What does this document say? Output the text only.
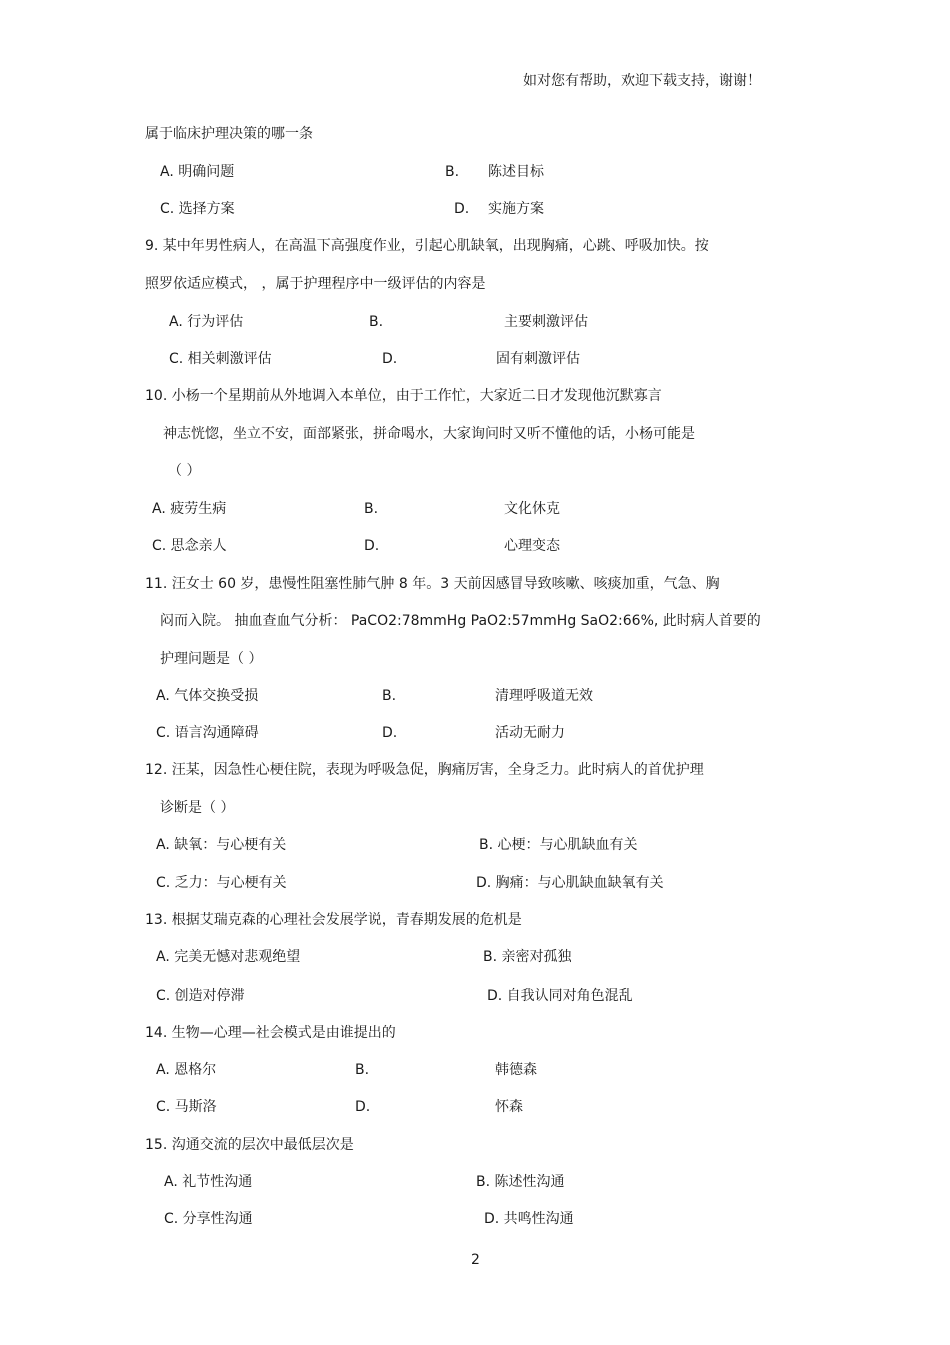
如对您有帮助，欢迎下载支持，谢谢！
属于临床护理决策的哪一条
A. 明确问题	B. 陈述目标
C. 选择方案	D. 实施方案
9. 某中年男性病人，在高温下高强度作业，引起心肌缺氧，出现胸痛，心跳、呼吸加快。按
照罗依适应模式， ，属于护理程序中一级评估的内容是
A. 行为评估	B.	主要刺激评估
C. 相关刺激评估	D.	固有刺激评估
10. 小杨一个星期前从外地调入本单位，由于工作忙，大家近二日才发现他沉默寡言
神志恍惚，坐立不安，面部紧张，拼命喝水，大家询问时又听不懂他的话，小杨可能是
（ ）
A. 疲劳生病	B.	文化休克
C. 思念亲人	D.	心理变态
11. 汪女士 60 岁，患慢性阻塞性肺气肿 8 年。3 天前因感冒导致咳嗽、咳痰加重，气急、胸
闷而入院。 抽血查血气分析： PaCO2:78mmHg PaO2:57mmHg SaO2:66%, 此时病人首要的
护理问题是（ ）
A. 气体交换受损	B.	清理呼吸道无效
C. 语言沟通障碍	D.	活动无耐力
12. 汪某，因急性心梗住院，表现为呼吸急促，胸痛厉害，全身乏力。此时病人的首优护理
诊断是（ ）
A. 缺氧：与心梗有关	B. 心梗：与心肌缺血有关
C. 乏力：与心梗有关	D. 胸痛：与心肌缺血缺氧有关
13. 根据艾瑞克森的心理社会发展学说，青春期发展的危机是
A. 完美无憾对悲观绝望	B. 亲密对孤独
C. 创造对停滞	D. 自我认同对角色混乱
14. 生物—心理—社会模式是由谁提出的
A. 恩格尔	B.	韩德森
C. 马斯洛	D.	怀森
15. 沟通交流的层次中最低层次是
A. 礼节性沟通	B. 陈述性沟通
C. 分享性沟通	D. 共鸣性沟通
2
